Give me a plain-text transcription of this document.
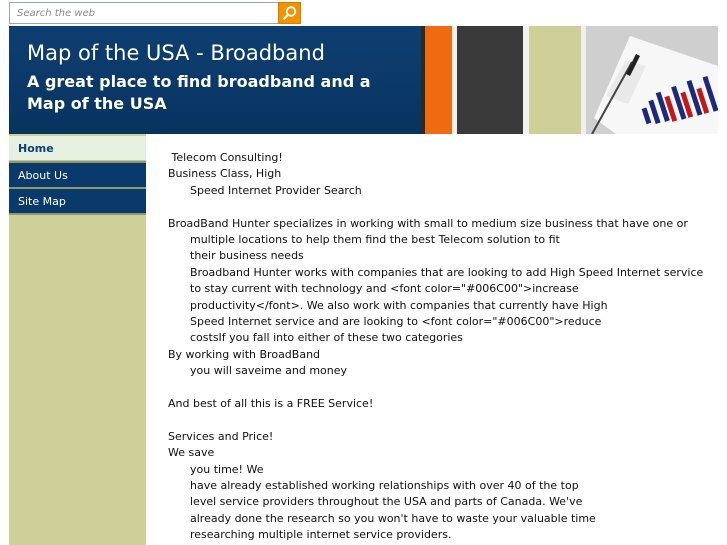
Search the web
Map of the USA - Broadband
A great place to find broadband and a Map of the USA
Home
About Us
Site Map

Telecom Consulting!

Business Class, High

Speed Internet Provider Search

BroadBand Hunter specializes in working with small to medium size business that have one or

multiple locations to help them find the best Telecom solution to fit

their business needs

Broadband Hunter works with companies that are looking to add High Speed Internet service

to stay current with technology and <font color="#006C00">increase

productivity</font>. We also work with companies that currently have High

Speed Internet service and are looking to <font color="#006C00">reduce

costsIf you fall into either of these two categories

By working with BroadBand

you will saveime and money

And best of all this is a FREE Service!

Services and Price!

We save

you time! We

have already established working relationships with over 40 of the top

level service providers throughout the USA and parts of Canada. We've

already done the research so you won't have to waste your valuable time

researching multiple internet service providers.
